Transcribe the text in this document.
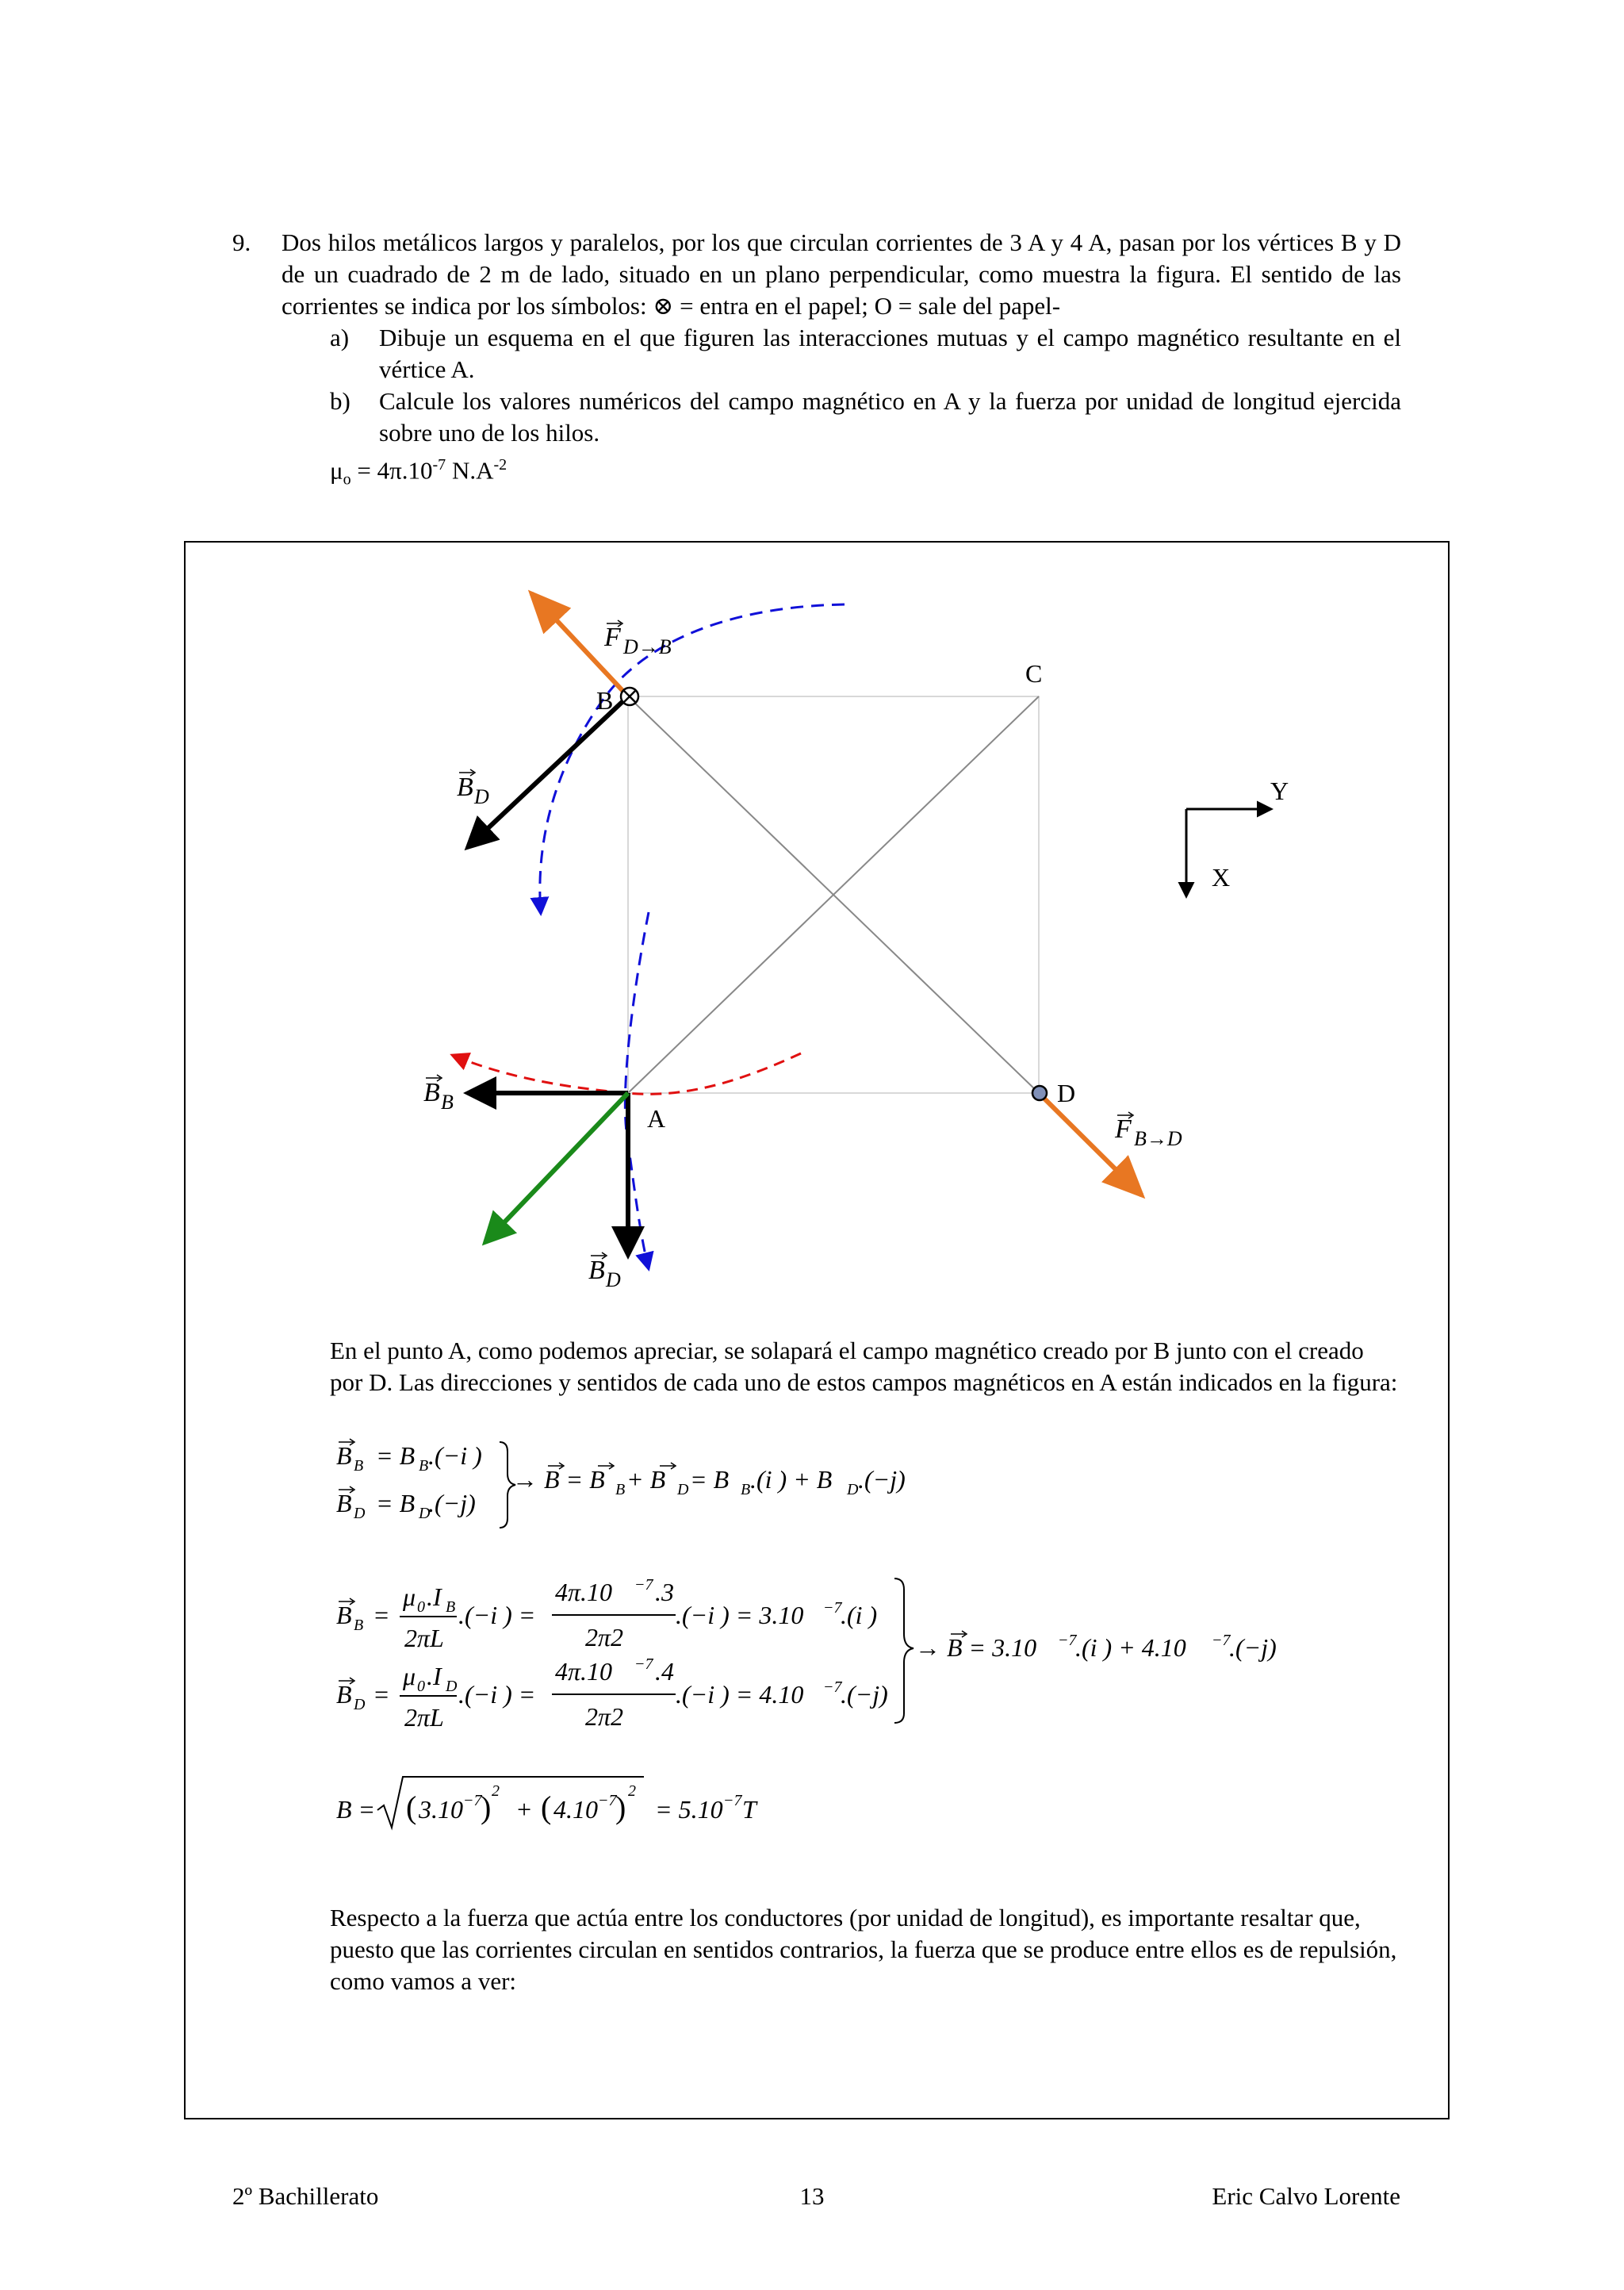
9. Dos hilos metálicos largos y paralelos, por los que circulan corrientes de 3 A y 4 A, pasan por los vértices B y D de un cuadrado de 2 m de lado, situado en un plano perpendicular, como muestra la figura. El sentido de las corrientes se indica por los símbolos: ⊗ = entra en el papel; O = sale del papel-
a) Dibuje un esquema en el que figuren las interacciones mutuas y el campo magnético resultante en el vértice A.
b) Calcule los valores numéricos del campo magnético en A y la fuerza por unidad de longitud ejercida sobre uno de los hilos.
$\mu_o = 4\pi.10^{-7}$ $N.A^{-2}$
B
C
A
D
Y
X
F D→B
B D
B B
F B→D
B D
En el punto A, como podemos apreciar, se solapará el campo magnético creado por B junto con el creado por D. Las direcciones y sentidos de cada uno de estos campos magnéticos en A están indicados en la figura:
B B = B B .(−i )
B D = B D
.(−j)
→ B = B B + B D = B B .(i ) + B D .(−j)
B B =
μ 0 .I B
2πL
.(−i ) =
4π.10 −7 .3
2π2
.(−i ) = 3.10 −7
.(i )
B D =
μ 0 .I D
2πL
.(−i ) =
4π.10 −7 .4
2π2
.(−i ) = 4.10 −7
.(−j)
→ B = 3.10 −7
.(i ) + 4.10 −7
.(−j)
B = ( 3.10 −7
) 2
+ ( 4.10 −7
) 2
= 5.10 −7 T
Respecto a la fuerza que actúa entre los conductores (por unidad de longitud), es importante resaltar que, puesto que las corrientes circulan en sentidos contrarios, la fuerza que se produce entre ellos es de repulsión, como vamos a ver:
2º Bachillerato	13	Eric Calvo Lorente
